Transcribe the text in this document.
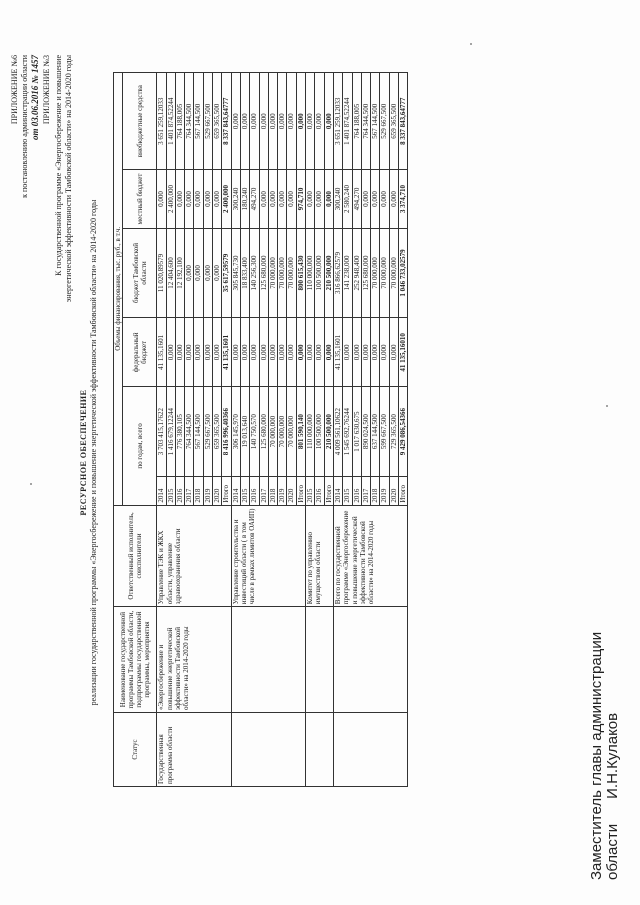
ПРИЛОЖЕНИЕ №6 к постановлению администрации области от 03.06.2016 № 1457 ПРИЛОЖЕНИЕ №3 К государственной программе «Энергосбережение и повышение энергетической эффективности Тамбовской области» на 2014-2020 годы
РЕСУРСНОЕ ОБЕСПЕЧЕНИЕ реализации государственной программы «Энергосбережение и повышение энергетической эффективности Тамбовской области» на 2014-2020 годы
Статус	Наименование государственной программы Тамбовской области, подпрограммы государственной программы, мероприятия	Ответственный исполнитель, соисполнители	Объемы финансирования, тыс. руб., в т.ч.					
			по годам, всего		федеральный бюджет	бюджет Тамбовской области	местный бюджет	внебюджетные средства
Государственная программа области	«Энергосбережение и повышение энергетической эффективности Тамбовской области» на 2014-2020 годы	Управление ТЭК и ЖКХ области, управление здравоохранения области	2014	3 703 415,17622	41 135,1601	11 020,89579	0,000	3 651 259,12033
			2015	1 416 679,12244	0,000	12 404,600	2 400,000	1 401 874,52244
			2016	776 380,105	0,000	12 192,100	0,000	764 188,005
			2017	764 344,500	0,000	0,000	0,000	764 344,500
			2018	567 144,500	0,000	0,000	0,000	567 144,500
			2019	529 667,500	0,000	0,000	0,000	529 667,500
			2020	659 365,500	0,000	0,000	0,000	659 365,500
			Итого	8 416 996,40366	41 135,1601	35 617,59579	2 400,000	8 337 843,64777
		Управление строительства и инвестиций области ( в том числе в рамках лимитов ОАИП)	2014	306 145,970	0,000	305 845,730	300,240	0,000
			2015	19 013,640	0,000	18 833,400	180,240	0,000
			2016	140 750,570	0,000	140 256,300	494,270	0,000
			2017	125 680,000	0,000	125 680,000	0,000	0,000
			2018	70 000,000	0,000	70 000,000	0,000	0,000
			2019	70 000,000	0,000	70 000,000	0,000	0,000
			2020	70 000,000	0,000	70 000,000	0,000	0,000
			Итого	801 590,140	0,000	800 615,430	974,710	0,000
		Комитет по управлению имуществом области	2015	110 000,000	0,000	110 000,000	0,000	0,000
			2016	100 500,000	0,000	100 500,000	0,000	0,000
			Итого	210 500,000	0,000	210 500,000	0,000	0,000
		Всего по государственной программе «Энергосбережение и повышение энергетической эффективности Тамбовской области» на 2014-2020 годы	2014	4 009 561,10622	41 135,1601	316 866,62579	300,240	3 651 259,12033
			2015	1 545 692,76244	0,000	141 238,000	2 580,240	1 401 874,52244
			2016	1 017 630,675	0,000	252 948,400	494,270	764 188,005
			2017	890 024,500	0,000	125 680,000	0,000	764 344,500
			2018	637 144,500	0,000	70 000,000	0,000	567 144,500
			2019	599 667,500	0,000	70 000,000	0,000	529 667,500
			2020	729 365,500	0,000	70 000,000	0,000	659 365,500
			Итого	9 429 086,54366	41 135,16010	1 046 733,02579	3 374,710	8 337 843,64777
Заместитель главы администрации области      И.Н.Кулаков
